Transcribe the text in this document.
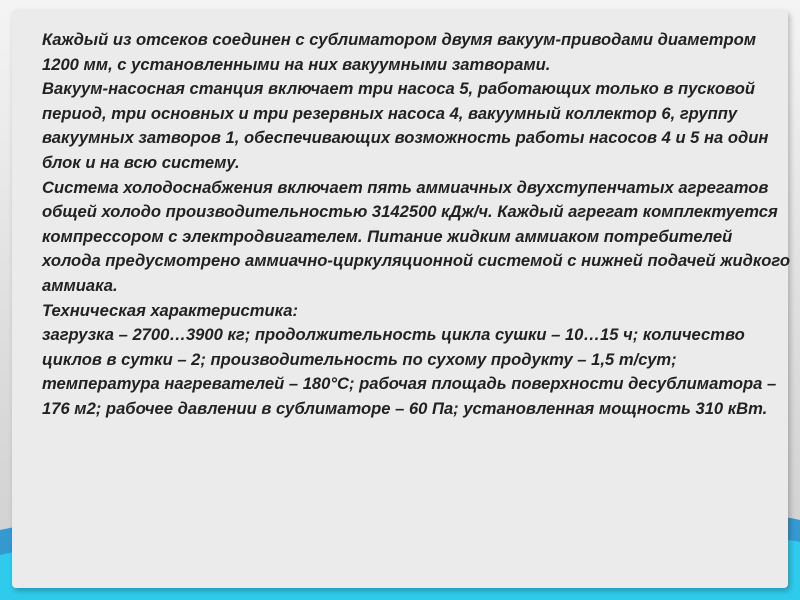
Каждый из отсеков соединен с сублиматором двумя вакуум-приводами диаметром 1200 мм, с установленными на них вакуумными затворами.

Вакуум-насосная станция включает три насоса 5, работающих только в пусковой период, три основных и три резервных насоса 4, вакуумный коллектор 6, группу вакуумных затворов 1, обеспечивающих возможность работы насосов 4 и 5 на один блок и на всю систему.

Система холодоснабжения включает пять аммиачных двухступенчатых агрегатов общей холодо производительностью 3142500 кДж/ч. Каждый агрегат комплектуется компрессором с электродвигателем. Питание жидким аммиаком потребителей холода предусмотрено аммиачно-циркуляционной системой с нижней подачей жидкого аммиака.

Техническая характеристика:

загрузка – 2700…3900 кг; продолжительность цикла сушки – 10…15 ч; количество циклов в сутки – 2; производительность по сухому продукту – 1,5 т/сут; температура нагревателей – 180°С; рабочая площадь поверхности десублиматора – 176 м2; рабочее давлении в сублиматоре – 60 Па; установленная мощность 310 кВт.
